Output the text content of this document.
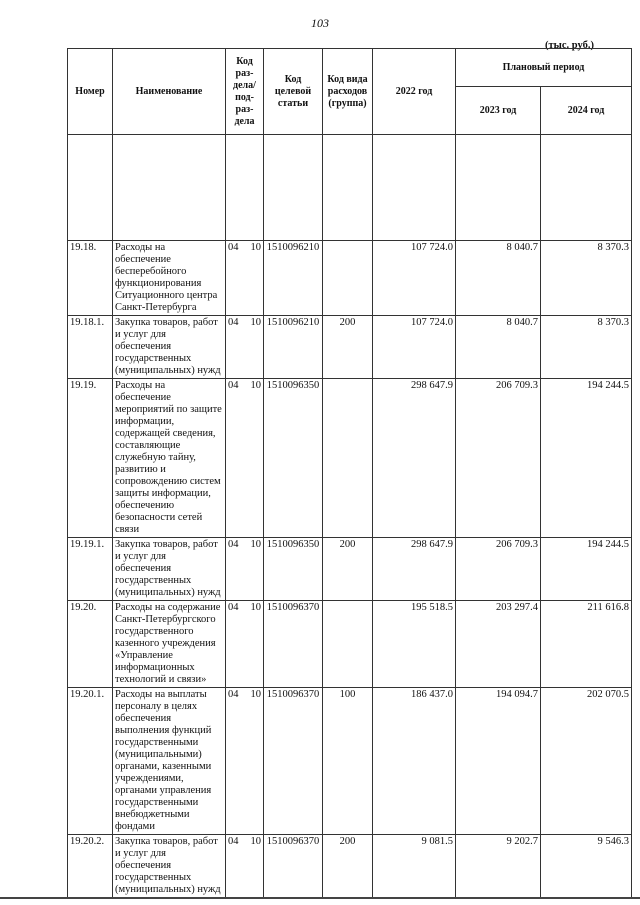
103
(тыс. руб.)
Номер	Наименование	Код раз-дела/ под-раз-дела	Код целевой статьи	Код вида расходов (группа)	2022 год	Плановый период	
						2023 год	2024 год

19.18.	Расходы на обеспечение бесперебойного функционирования Ситуационного центра Санкт-Петербурга	04 10	1510096210		107 724.0	8 040.7	8 370.3
19.18.1.	Закупка товаров, работ и услуг для обеспечения государственных (муниципальных) нужд	04 10	1510096210	200	107 724.0	8 040.7	8 370.3
19.19.	Расходы на обеспечение мероприятий по защите информации, содержащей сведения, составляющие служебную тайну, развитию и сопровождению систем защиты информации, обеспечению безопасности сетей связи	04 10	1510096350		298 647.9	206 709.3	194 244.5
19.19.1.	Закупка товаров, работ и услуг для обеспечения государственных (муниципальных) нужд	04 10	1510096350	200	298 647.9	206 709.3	194 244.5
19.20.	Расходы на содержание Санкт-Петербургского государственного казенного учреждения «Управление информационных технологий и связи»	04 10	1510096370		195 518.5	203 297.4	211 616.8
19.20.1.	Расходы на выплаты персоналу в целях обеспечения выполнения функций государственными (муниципальными) органами, казенными учреждениями, органами управления государственными внебюджетными фондами	04 10	1510096370	100	186 437.0	194 094.7	202 070.5
19.20.2.	Закупка товаров, работ и услуг для обеспечения государственных (муниципальных) нужд	04 10	1510096370	200	9 081.5	9 202.7	9 546.3
